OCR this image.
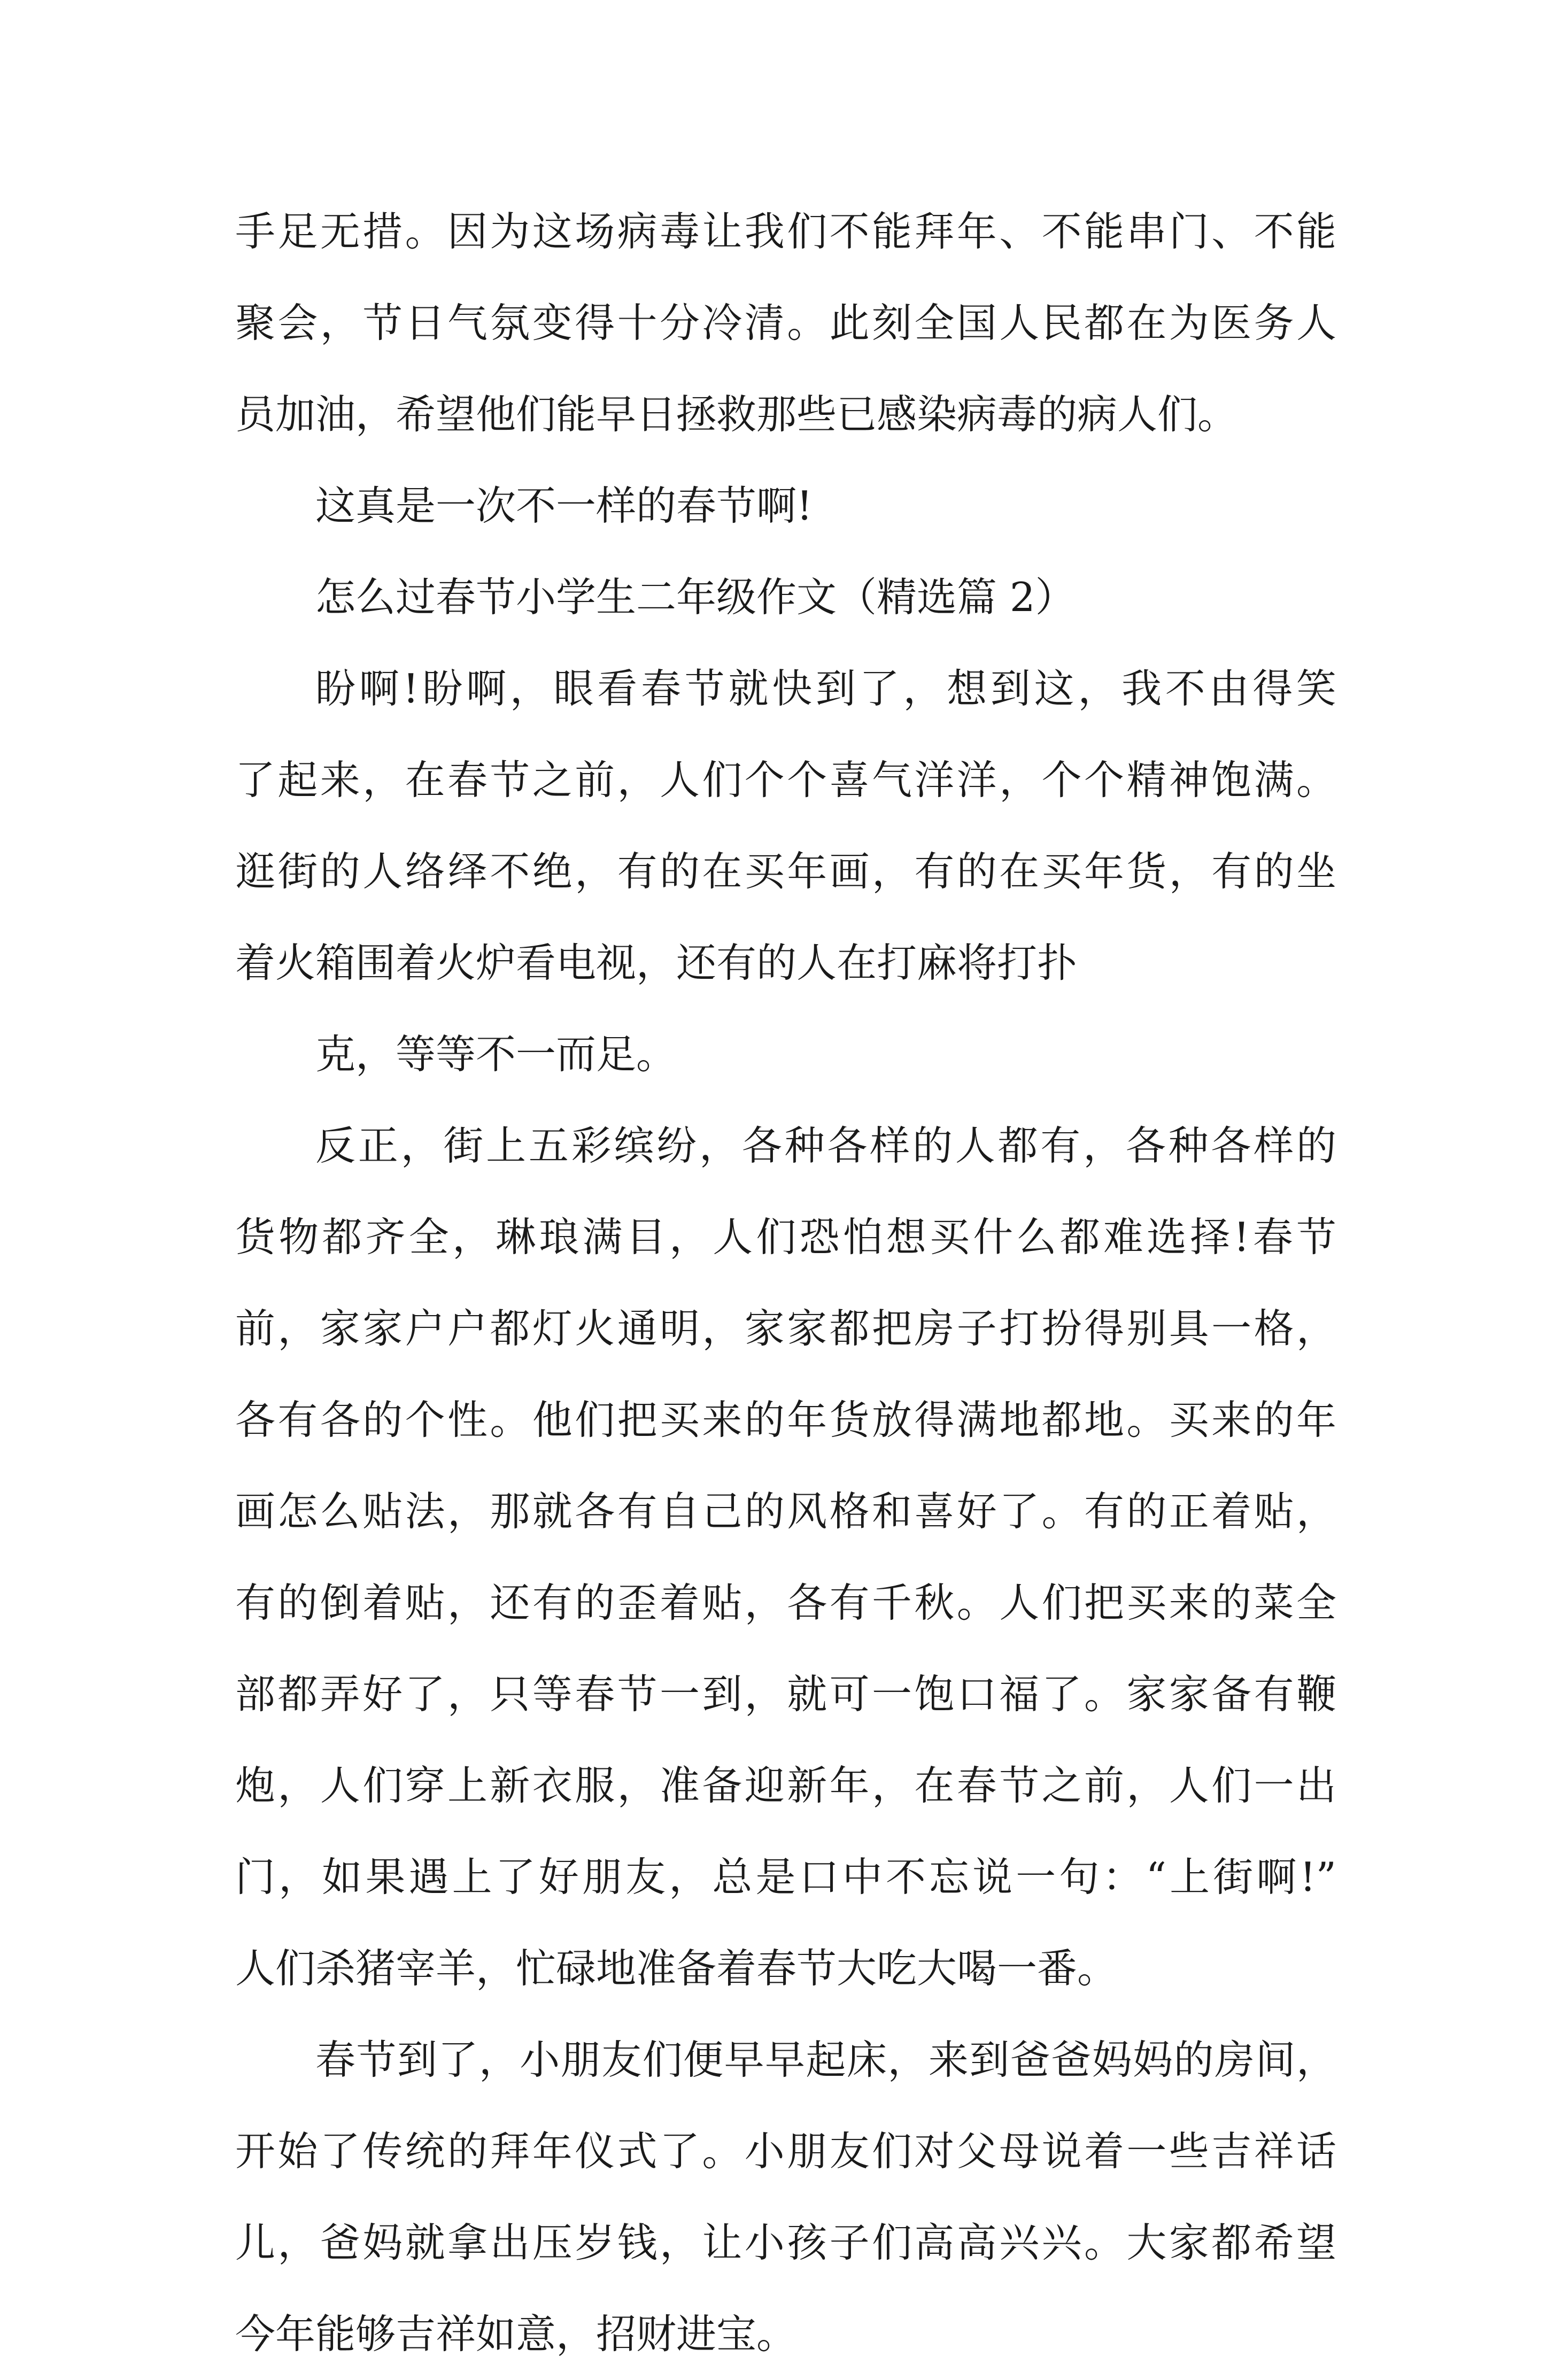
手足无措。因为这场病毒让我们不能拜年、不能串门、不能
聚会，节日气氛变得十分冷清。此刻全国人民都在为医务人
员加油，希望他们能早日拯救那些已感染病毒的病人们。
这真是一次不一样的春节啊!
怎么过春节小学生二年级作文（精选篇 2）
盼啊!盼啊，眼看春节就快到了，想到这，我不由得笑
了起来，在春节之前，人们个个喜气洋洋，个个精神饱满。
逛街的人络绎不绝，有的在买年画，有的在买年货，有的坐
着火箱围着火炉看电视，还有的人在打麻将打扑
克，等等不一而足。
反正，街上五彩缤纷，各种各样的人都有，各种各样的
货物都齐全，琳琅满目，人们恐怕想买什么都难选择!春节
前，家家户户都灯火通明，家家都把房子打扮得别具一格，
各有各的个性。他们把买来的年货放得满地都地。买来的年
画怎么贴法，那就各有自己的风格和喜好了。有的正着贴，
有的倒着贴，还有的歪着贴，各有千秋。人们把买来的菜全
部都弄好了，只等春节一到，就可一饱口福了。家家备有鞭
炮，人们穿上新衣服，准备迎新年，在春节之前，人们一出
门，如果遇上了好朋友，总是口中不忘说一句：“上街啊!”
人们杀猪宰羊，忙碌地准备着春节大吃大喝一番。
春节到了，小朋友们便早早起床，来到爸爸妈妈的房间，
开始了传统的拜年仪式了。小朋友们对父母说着一些吉祥话
儿，爸妈就拿出压岁钱，让小孩子们高高兴兴。大家都希望
今年能够吉祥如意，招财进宝。
